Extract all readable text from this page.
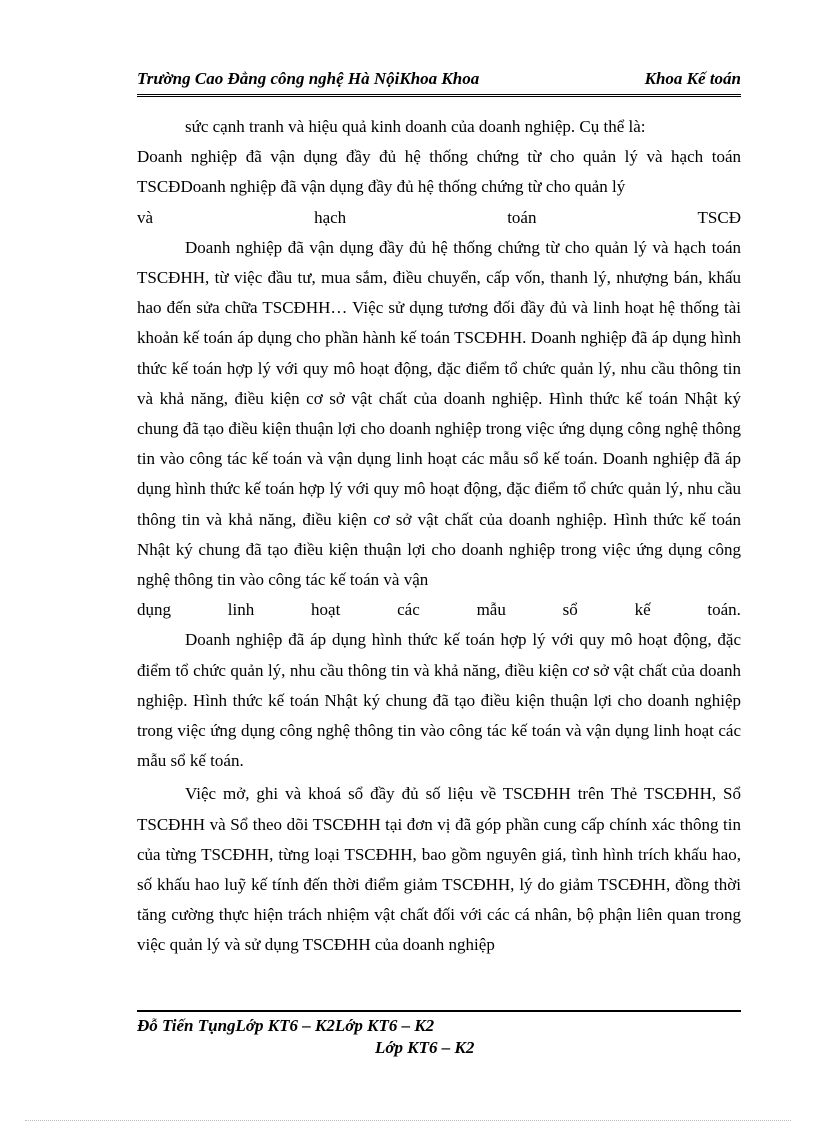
Trường Cao Đẳng công nghệ Hà NộiKhoa Khoa	Khoa Kế toán

sức cạnh tranh và hiệu quả kinh doanh của doanh nghiệp. Cụ thể là:

Doanh nghiệp đã vận dụng đầy đủ hệ thống chứng từ cho quản lý và hạch toán TSCĐDoanh nghiệp đã vận dụng đầy đủ hệ thống chứng từ cho quản lý

và	hạch	toán	TSCĐ

Doanh nghiệp đã vận dụng đầy đủ hệ thống chứng từ cho quản lý và hạch toán TSCĐHH, từ việc đầu tư, mua sắm, điều chuyển, cấp vốn, thanh lý, nhượng bán, khấu hao đến sửa chữa TSCĐHH… Việc sử dụng tương đối đầy đủ và linh hoạt hệ thống tài khoản kế toán áp dụng cho phần hành kế toán TSCĐHH. Doanh nghiệp đã áp dụng hình thức kế toán hợp lý với quy mô hoạt động, đặc điểm tổ chức quản lý, nhu cầu thông tin và khả năng, điều kiện cơ sở vật chất của doanh nghiệp. Hình thức kế toán Nhật ký chung đã tạo điều kiện thuận lợi cho doanh nghiệp trong việc ứng dụng công nghệ thông tin vào công tác kế toán và vận dụng linh hoạt các mẫu sổ kế toán. Doanh nghiệp đã áp dụng hình thức kế toán hợp lý với quy mô hoạt động, đặc điểm tổ chức quản lý, nhu cầu thông tin và khả năng, điều kiện cơ sở vật chất của doanh nghiệp. Hình thức kế toán Nhật ký chung đã tạo điều kiện thuận lợi cho doanh nghiệp trong việc ứng dụng công nghệ thông tin vào công tác kế toán và vận

dụng	linh	hoạt	các	mẫu	sổ	kế	toán.

Doanh nghiệp đã áp dụng hình thức kế toán hợp lý với quy mô hoạt động, đặc điểm tổ chức quản lý, nhu cầu thông tin và khả năng, điều kiện cơ sở vật chất của doanh nghiệp. Hình thức kế toán Nhật ký chung đã tạo điều kiện thuận lợi cho doanh nghiệp trong việc ứng dụng công nghệ thông tin vào công tác kế toán và vận dụng linh hoạt các mẫu sổ kế toán.

Việc mở, ghi và khoá sổ đầy đủ số liệu về TSCĐHH trên Thẻ TSCĐHH, Sổ TSCĐHH và Sổ theo dõi TSCĐHH tại đơn vị đã góp phần cung cấp chính xác thông tin của từng TSCĐHH, từng loại TSCĐHH, bao gồm nguyên giá, tình hình trích khấu hao, số khấu hao luỹ kế tính đến thời điểm giảm TSCĐHH, lý do giảm TSCĐHH, đồng thời tăng cường thực hiện trách nhiệm vật chất đối với các cá nhân, bộ phận liên quan trong việc quản lý và sử dụng TSCĐHH của doanh nghiệp

Đỗ Tiến TụngLớp KT6 – K2Lớp KT6 – K2
Lớp KT6 – K2
